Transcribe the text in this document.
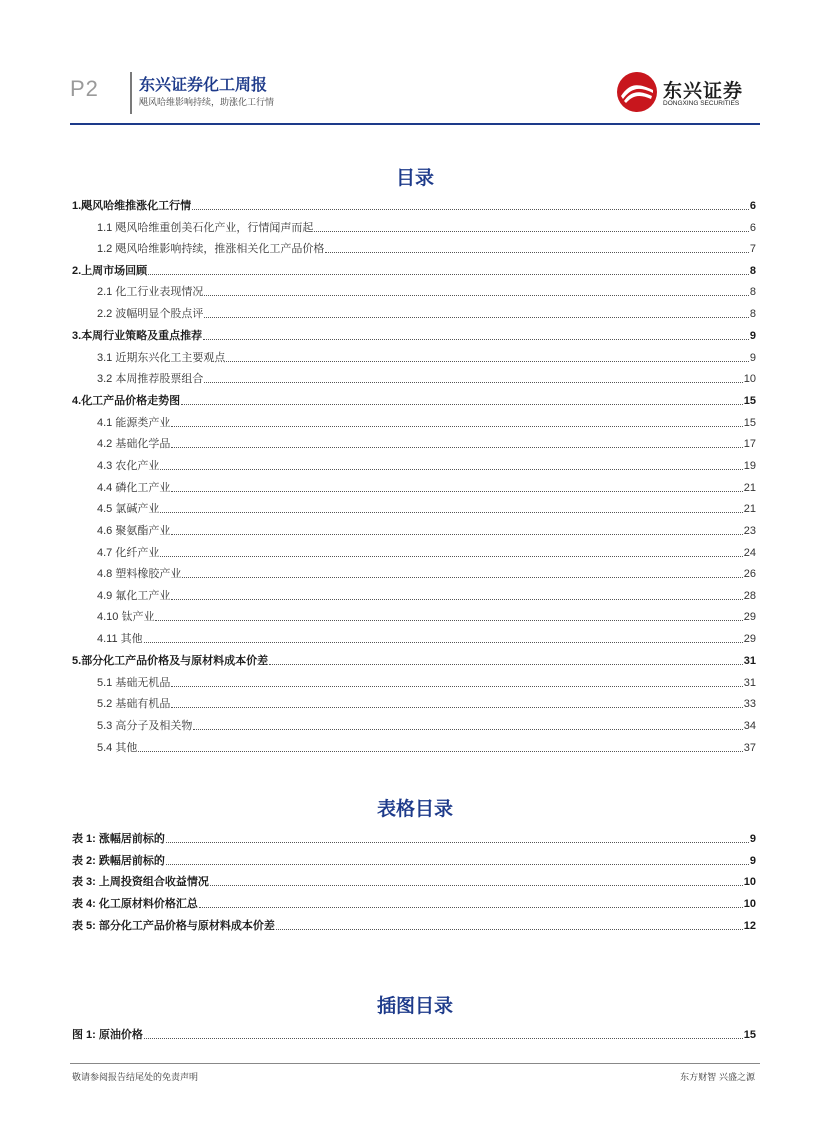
P2	东兴证券化工周报
飓风哈维影响持续，助涨化工行情
东兴证券
DONGXING SECURITIES
目录
1. 飓风哈维推涨化工行情	6
1.1 飓风哈维重创美石化产业，行情闻声而起	6
1.2 飓风哈维影响持续，推涨相关化工产品价格	7
2. 上周市场回顾	8
2.1 化工行业表现情况	8
2.2 波幅明显个股点评	8
3. 本周行业策略及重点推荐	9
3.1 近期东兴化工主要观点	9
3.2 本周推荐股票组合	10
4. 化工产品价格走势图	15
4.1 能源类产业	15
4.2 基础化学品	17
4.3 农化产业	19
4.4 磷化工产业	21
4.5 氯碱产业	21
4.6 聚氨酯产业	23
4.7 化纤产业	24
4.8 塑料橡胶产业	26
4.9 氟化工产业	28
4.10 钛产业	29
4.11 其他	29
5. 部分化工产品价格及与原材料成本价差	31
5.1 基础无机品	31
5.2 基础有机品	33
5.3 高分子及相关物	34
5.4 其他	37
表格目录
表 1: 涨幅居前标的	9
表 2: 跌幅居前标的	9
表 3: 上周投资组合收益情况	10
表 4: 化工原材料价格汇总	10
表 5: 部分化工产品价格与原材料成本价差	12
插图目录
图 1: 原油价格	15
敬请参阅报告结尾处的免责声明	东方财智 兴盛之源
